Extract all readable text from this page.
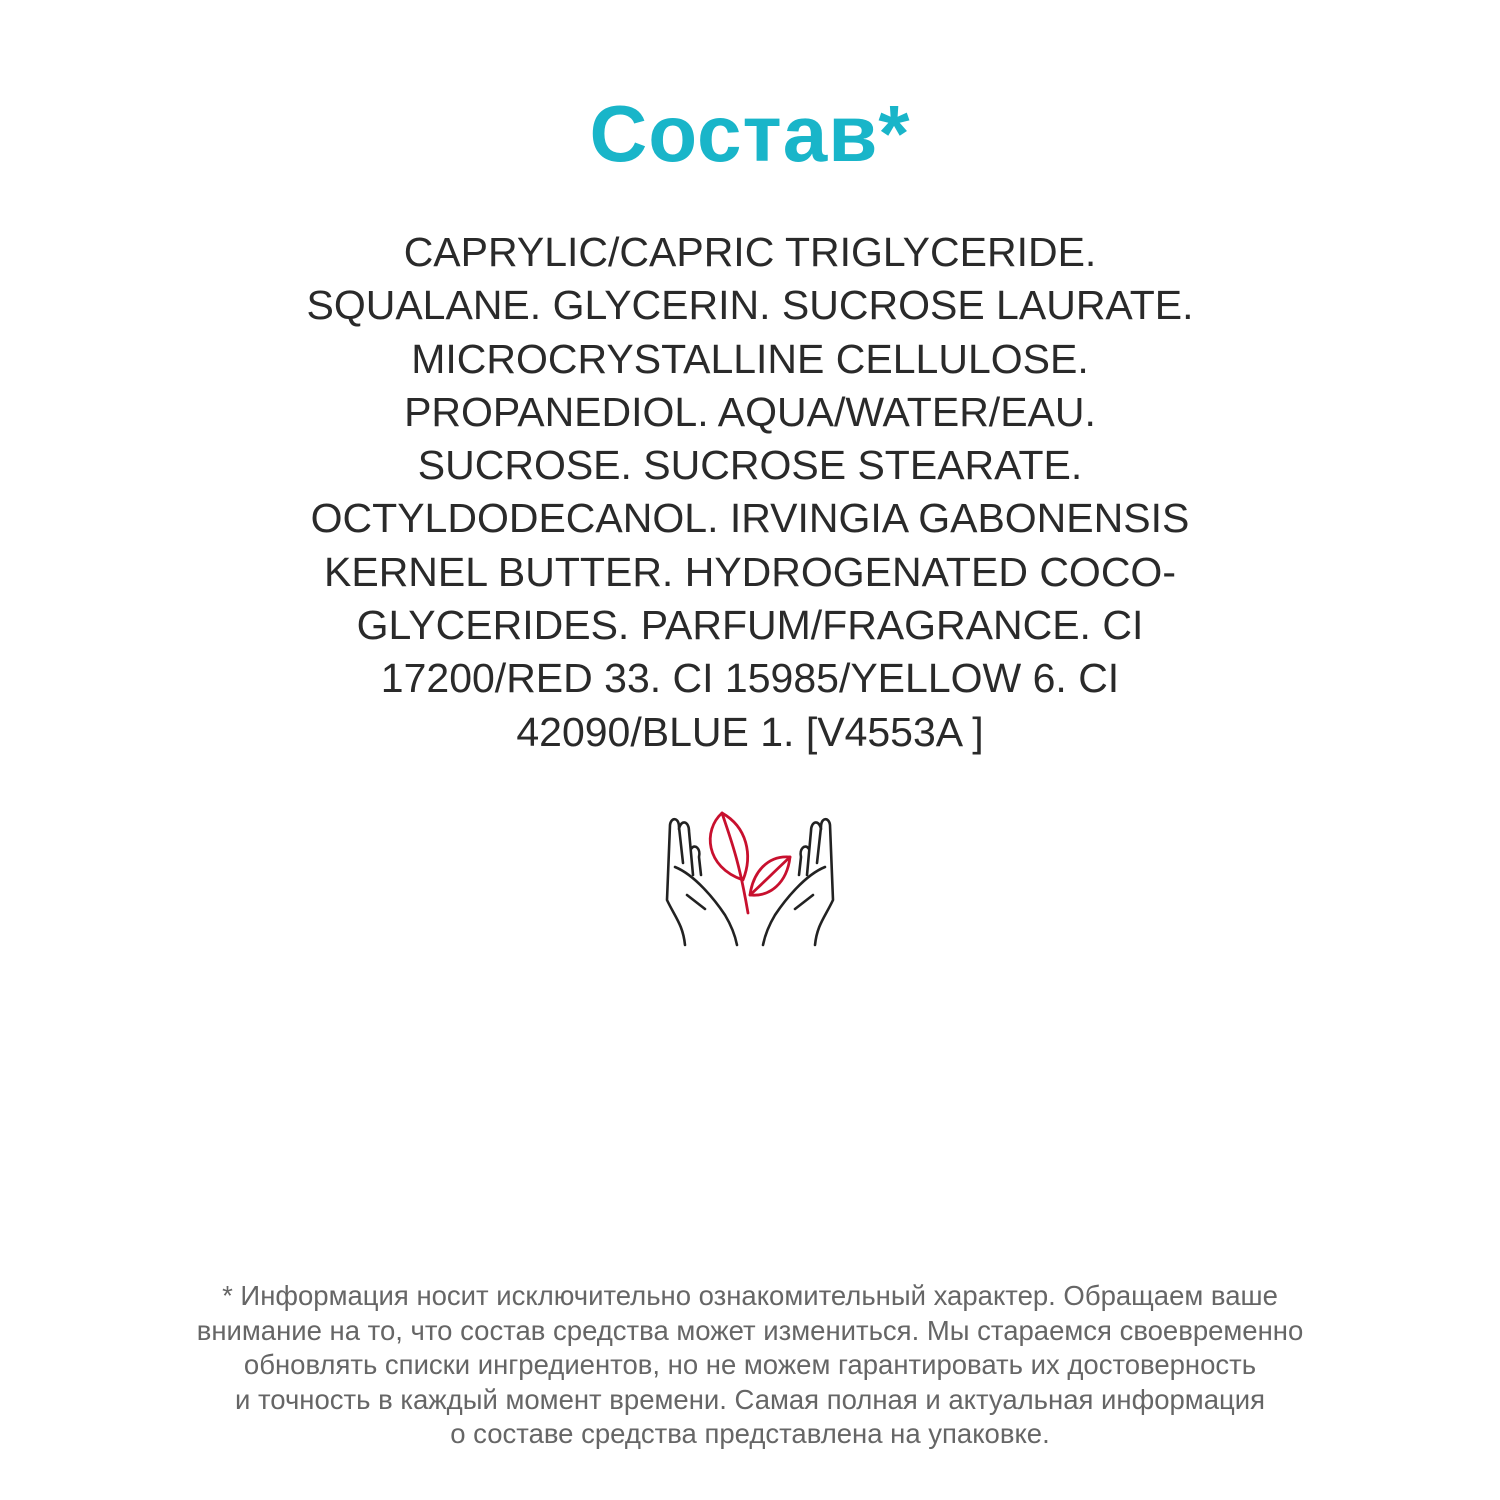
Состав*
CAPRYLIC/CAPRIC TRIGLYCERIDE.
SQUALANE. GLYCERIN. SUCROSE LAURATE.
MICROCRYSTALLINE CELLULOSE.
PROPANEDIOL. AQUA/WATER/EAU.
SUCROSE. SUCROSE STEARATE.
OCTYLDODECANOL. IRVINGIA GABONENSIS
KERNEL BUTTER. HYDROGENATED COCO-
GLYCERIDES. PARFUM/FRAGRANCE. CI
17200/RED 33. CI 15985/YELLOW 6. CI
42090/BLUE 1. [V4553A ]
* Информация носит исключительно ознакомительный характер. Обращаем ваше
внимание на то, что состав средства может измениться. Мы стараемся своевременно
обновлять списки ингредиентов, но не можем гарантировать их достоверность
и точность в каждый момент времени. Самая полная и актуальная информация
о составе средства представлена на упаковке.
